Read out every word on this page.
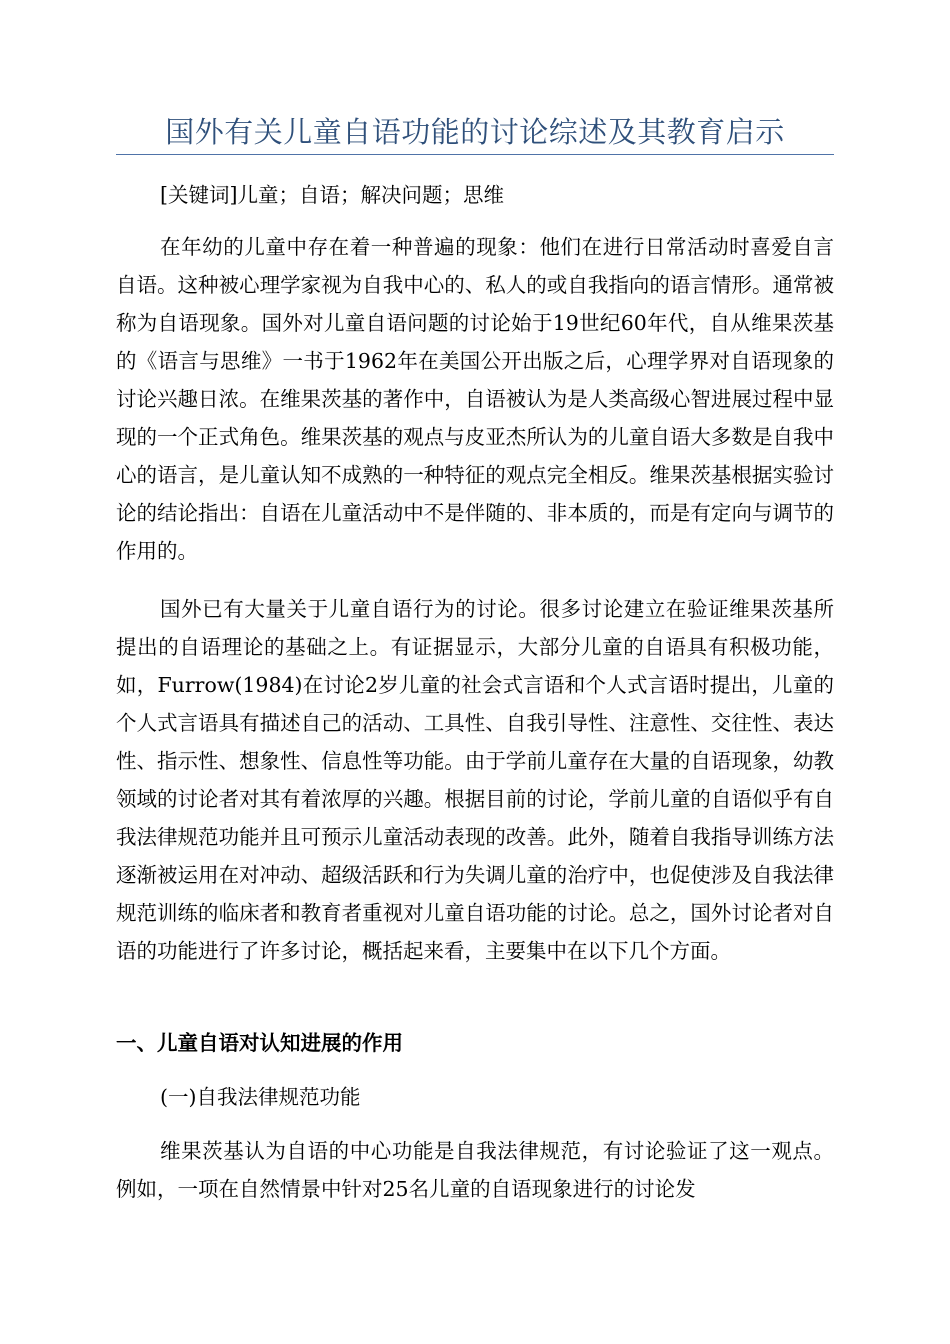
国外有关儿童自语功能的讨论综述及其教育启示
[关键词]儿童；自语；解决问题；思维
在年幼的儿童中存在着一种普遍的现象：他们在进行日常活动时喜爱自言自语。这种被心理学家视为自我中心的、私人的或自我指向的语言情形。通常被称为自语现象。国外对儿童自语问题的讨论始于19世纪60年代，自从维果茨基的《语言与思维》一书于1962年在美国公开出版之后，心理学界对自语现象的讨论兴趣日浓。在维果茨基的著作中，自语被认为是人类高级心智进展过程中显现的一个正式角色。维果茨基的观点与皮亚杰所认为的儿童自语大多数是自我中心的语言，是儿童认知不成熟的一种特征的观点完全相反。维果茨基根据实验讨论的结论指出：自语在儿童活动中不是伴随的、非本质的，而是有定向与调节的作用的。
国外已有大量关于儿童自语行为的讨论。很多讨论建立在验证维果茨基所提出的自语理论的基础之上。有证据显示，大部分儿童的自语具有积极功能，如，Furrow(1984)在讨论2岁儿童的社会式言语和个人式言语时提出，儿童的个人式言语具有描述自己的活动、工具性、自我引导性、注意性、交往性、表达性、指示性、想象性、信息性等功能。由于学前儿童存在大量的自语现象，幼教领域的讨论者对其有着浓厚的兴趣。根据目前的讨论，学前儿童的自语似乎有自我法律规范功能并且可预示儿童活动表现的改善。此外，随着自我指导训练方法逐渐被运用在对冲动、超级活跃和行为失调儿童的治疗中，也促使涉及自我法律规范训练的临床者和教育者重视对儿童自语功能的讨论。总之，国外讨论者对自语的功能进行了许多讨论，概括起来看，主要集中在以下几个方面。
一、儿童自语对认知进展的作用
(一)自我法律规范功能
维果茨基认为自语的中心功能是自我法律规范，有讨论验证了这一观点。例如，一项在自然情景中针对25名儿童的自语现象进行的讨论发
